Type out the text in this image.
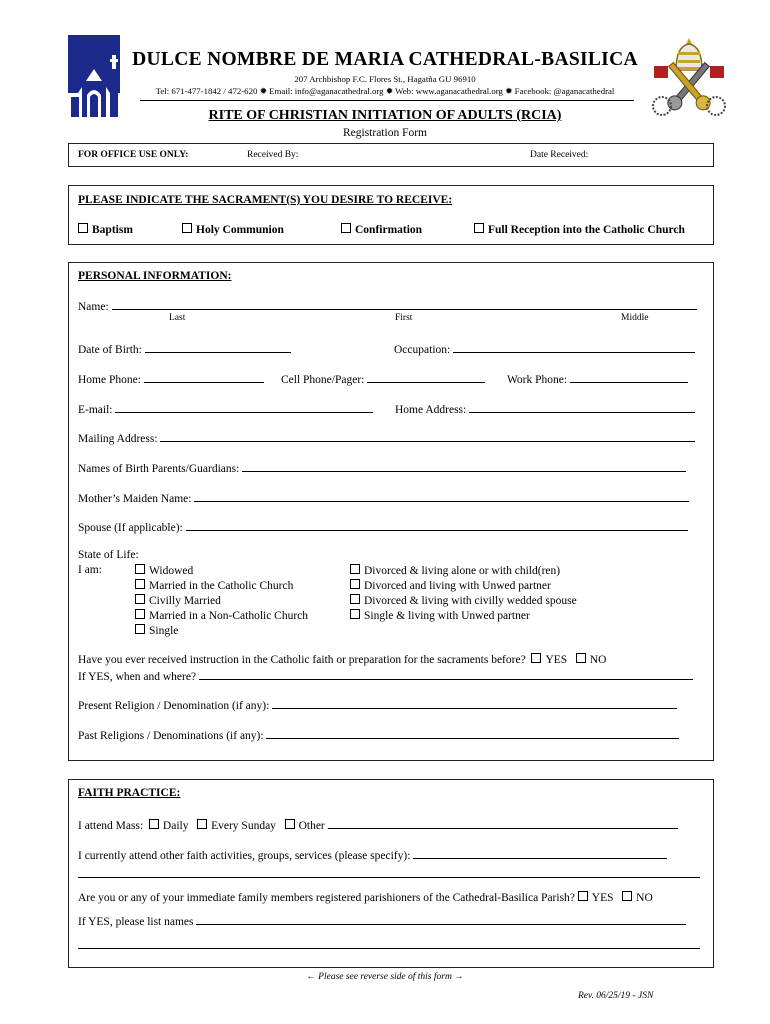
DULCE NOMBRE DE MARIA CATHEDRAL-BASILICA
207 Archbishop F.C. Flores St., Hagatña GU 96910
Tel: 671-477-1842 / 472-620 ✹ Email: info@aganacathedral.org ✹ Web: www.aganacathedral.org ✹ Facebook: @aganacathedral
RITE OF CHRISTIAN INITIATION OF ADULTS (RCIA)
Registration Form
FOR OFFICE USE ONLY:	Received By:	Date Received:
PLEASE INDICATE THE SACRAMENT(S) YOU DESIRE TO RECEIVE:
Baptism	Holy Communion	Confirmation	Full Reception into the Catholic Church
PERSONAL INFORMATION:
Name:
Last	First	Middle
Date of Birth:	Occupation:
Home Phone:	Cell Phone/Pager:	Work Phone:
E-mail:	Home Address:
Mailing Address:
Names of Birth Parents/Guardians:
Mother’s Maiden Name:
Spouse (If applicable):
State of Life:
I am:	Widowed
Married in the Catholic Church
Civilly Married
Married in a Non-Catholic Church
Single
Divorced & living alone or with child(ren)
Divorced and living with Unwed partner
Divorced & living with civilly wedded spouse
Single & living with Unwed partner
Have you ever received instruction in the Catholic faith or preparation for the sacraments before? YES NO
If YES, when and where?
Present Religion / Denomination (if any):
Past Religions / Denominations (if any):
FAITH PRACTICE:
I attend Mass: Daily Every Sunday Other
I currently attend other faith activities, groups, services (please specify):
Are you or any of your immediate family members registered parishioners of the Cathedral-Basilica Parish? YES NO
If YES, please list names
← Please see reverse side of this form →
Rev. 06/25/19 - JSN
